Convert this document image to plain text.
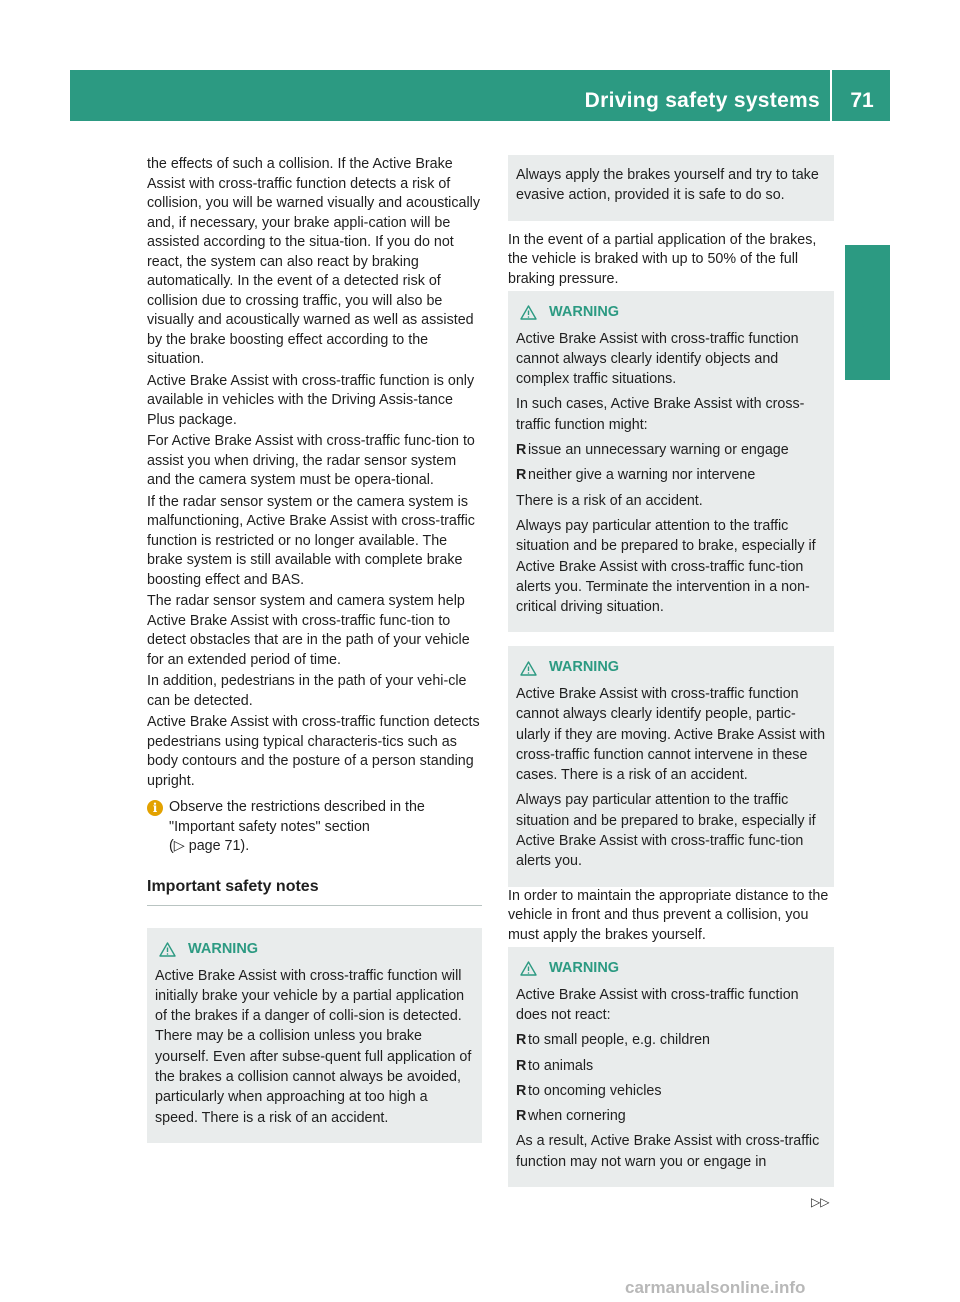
Driving safety systems	71
Safety

the effects of such a collision. If the Active Brake Assist with cross-traffic function detects a risk of collision, you will be warned visually and acoustically and, if necessary, your brake appli-cation will be assisted according to the situa-tion. If you do not react, the system can also react by braking automatically. In the event of a detected risk of collision due to crossing traffic, you will also be visually and acoustically warned as well as assisted by the brake boosting effect according to the situation.

Active Brake Assist with cross-traffic function is only available in vehicles with the Driving Assis-tance Plus package.

For Active Brake Assist with cross-traffic func-tion to assist you when driving, the radar sensor system and the camera system must be opera-tional.

If the radar sensor system or the camera system is malfunctioning, Active Brake Assist with cross-traffic function is restricted or no longer available. The brake system is still available with complete brake boosting effect and BAS.

The radar sensor system and camera system help Active Brake Assist with cross-traffic func-tion to detect obstacles that are in the path of your vehicle for an extended period of time.

In addition, pedestrians in the path of your vehi-cle can be detected.

Active Brake Assist with cross-traffic function detects pedestrians using typical characteris-tics such as body contours and the posture of a person standing upright.

i Observe the restrictions described in the "Important safety notes" section
(▷ page 71).
Important safety notes
WARNING

Active Brake Assist with cross-traffic function will initially brake your vehicle by a partial application of the brakes if a danger of colli-sion is detected. There may be a collision unless you brake yourself. Even after subse-quent full application of the brakes a collision cannot always be avoided, particularly when approaching at too high a speed. There is a risk of an accident.

Always apply the brakes yourself and try to take evasive action, provided it is safe to do so.

In the event of a partial application of the brakes, the vehicle is braked with up to 50% of the full braking pressure.

WARNING

Active Brake Assist with cross-traffic function cannot always clearly identify objects and complex traffic situations.

In such cases, Active Brake Assist with cross-traffic function might:

R issue an unnecessary warning or engage
R neither give a warning nor intervene

There is a risk of an accident.

Always pay particular attention to the traffic situation and be prepared to brake, especially if Active Brake Assist with cross-traffic func-tion alerts you. Terminate the intervention in a non-critical driving situation.

WARNING

Active Brake Assist with cross-traffic function cannot always clearly identify people, partic-ularly if they are moving. Active Brake Assist with cross-traffic function cannot intervene in these cases. There is a risk of an accident.

Always pay particular attention to the traffic situation and be prepared to brake, especially if Active Brake Assist with cross-traffic func-tion alerts you.

In order to maintain the appropriate distance to the vehicle in front and thus prevent a collision, you must apply the brakes yourself.

WARNING

Active Brake Assist with cross-traffic function does not react:

R to small people, e.g. children
R to animals
R to oncoming vehicles
R when cornering

As a result, Active Brake Assist with cross-traffic function may not warn you or engage in

▷▷
carmanualsonline.info
